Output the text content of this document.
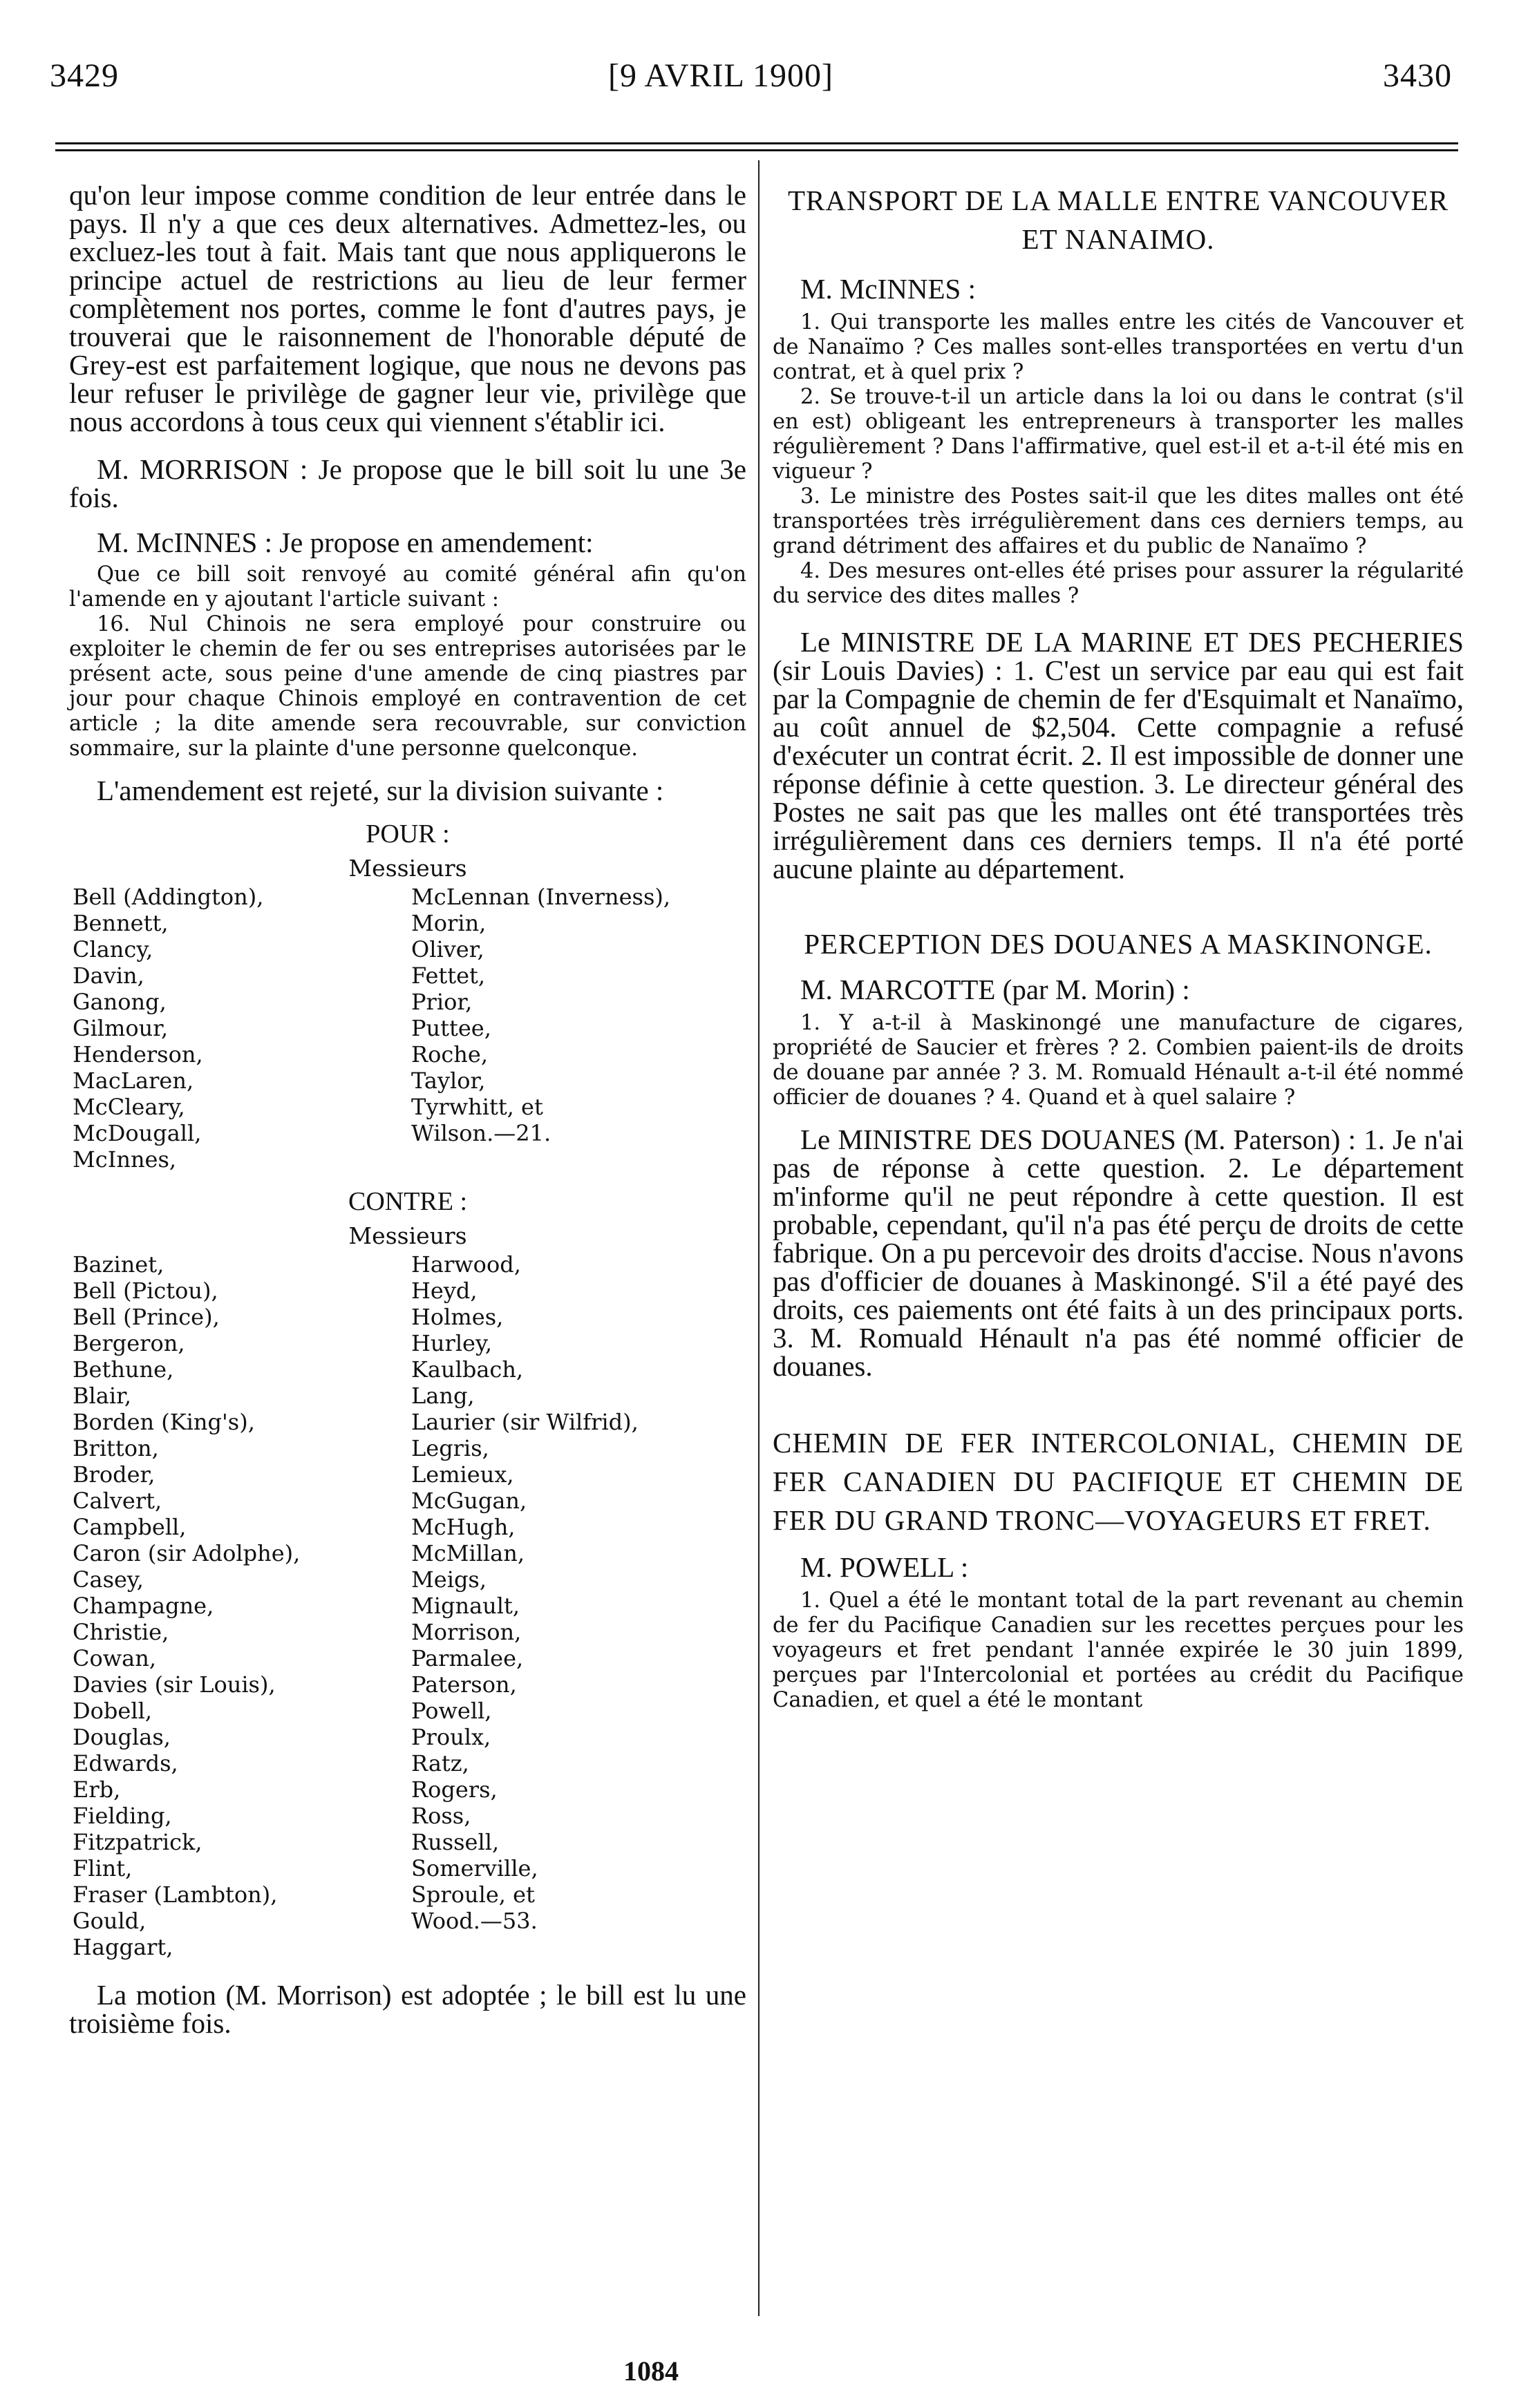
3429	[9 AVRIL 1900]	3430

qu'on leur impose comme condition de leur entrée dans le pays. Il n'y a que ces deux alternatives. Admettez-les, ou excluez-les tout à fait. Mais tant que nous appliquerons le principe actuel de restrictions au lieu de leur fermer complètement nos portes, comme le font d'autres pays, je trouverai que le raisonnement de l'honorable député de Grey-est est parfaitement logique, que nous ne devons pas leur refuser le privilège de gagner leur vie, privilège que nous accordons à tous ceux qui viennent s'établir ici.

M. MORRISON : Je propose que le bill soit lu une 3e fois.

M. McINNES : Je propose en amendement:

Que ce bill soit renvoyé au comité général afin qu'on l'amende en y ajoutant l'article suivant :

16. Nul Chinois ne sera employé pour construire ou exploiter le chemin de fer ou ses entreprises autorisées par le présent acte, sous peine d'une amende de cinq piastres par jour pour chaque Chinois employé en contravention de cet article ; la dite amende sera recouvrable, sur conviction sommaire, sur la plainte d'une personne quelconque.

L'amendement est rejeté, sur la division suivante :

POUR :
Messieurs
Bell (Addington),	McLennan (Inverness),
Bennett,	Morin,
Clancy,	Oliver,
Davin,	Fettet,
Ganong,	Prior,
Gilmour,	Puttee,
Henderson,	Roche,
MacLaren,	Taylor,
McCleary,	Tyrwhitt, et
McDougall,	Wilson.—21.
McInnes,
CONTRE :
Messieurs
Bazinet,	Harwood,
Bell (Pictou),	Heyd,
Bell (Prince),	Holmes,
Bergeron,	Hurley,
Bethune,	Kaulbach,
Blair,	Lang,
Borden (King's),	Laurier (sir Wilfrid),
Britton,	Legris,
Broder,	Lemieux,
Calvert,	McGugan,
Campbell,	McHugh,
Caron (sir Adolphe),	McMillan,
Casey,	Meigs,
Champagne,	Mignault,
Christie,	Morrison,
Cowan,	Parmalee,
Davies (sir Louis),	Paterson,
Dobell,	Powell,
Douglas,	Proulx,
Edwards,	Ratz,
Erb,	Rogers,
Fielding,	Ross,
Fitzpatrick,	Russell,
Flint,	Somerville,
Fraser (Lambton),	Sproule, et
Gould,	Wood.—53.
Haggart,

La motion (M. Morrison) est adoptée ; le bill est lu une troisième fois.

TRANSPORT DE LA MALLE ENTRE VANCOUVER ET NANAIMO.

M. McINNES :

1. Qui transporte les malles entre les cités de Vancouver et de Nanaïmo ? Ces malles sont-elles transportées en vertu d'un contrat, et à quel prix ?

2. Se trouve-t-il un article dans la loi ou dans le contrat (s'il en est) obligeant les entrepreneurs à transporter les malles régulièrement ? Dans l'affirmative, quel est-il et a-t-il été mis en vigueur ?

3. Le ministre des Postes sait-il que les dites malles ont été transportées très irrégulièrement dans ces derniers temps, au grand détriment des affaires et du public de Nanaïmo ?

4. Des mesures ont-elles été prises pour assurer la régularité du service des dites malles ?

Le MINISTRE DE LA MARINE ET DES PECHERIES (sir Louis Davies) : 1. C'est un service par eau qui est fait par la Compagnie de chemin de fer d'Esquimalt et Nanaïmo, au coût annuel de $2,504. Cette compagnie a refusé d'exécuter un contrat écrit. 2. Il est impossible de donner une réponse définie à cette question. 3. Le directeur général des Postes ne sait pas que les malles ont été transportées très irrégulièrement dans ces derniers temps. Il n'a été porté aucune plainte au département.

PERCEPTION DES DOUANES A MASKINONGE.

M. MARCOTTE (par M. Morin) :

1. Y a-t-il à Maskinongé une manufacture de cigares, propriété de Saucier et frères ? 2. Combien paient-ils de droits de douane par année ? 3. M. Romuald Hénault a-t-il été nommé officier de douanes ? 4. Quand et à quel salaire ?

Le MINISTRE DES DOUANES (M. Paterson) : 1. Je n'ai pas de réponse à cette question. 2. Le département m'informe qu'il ne peut répondre à cette question. Il est probable, cependant, qu'il n'a pas été perçu de droits de cette fabrique. On a pu percevoir des droits d'accise. Nous n'avons pas d'officier de douanes à Maskinongé. S'il a été payé des droits, ces paiements ont été faits à un des principaux ports. 3. M. Romuald Hénault n'a pas été nommé officier de douanes.

CHEMIN DE FER INTERCOLONIAL, CHEMIN DE FER CANADIEN DU PACIFIQUE ET CHEMIN DE FER DU GRAND TRONC—VOYAGEURS ET FRET.

M. POWELL :

1. Quel a été le montant total de la part revenant au chemin de fer du Pacifique Canadien sur les recettes perçues pour les voyageurs et fret pendant l'année expirée le 30 juin 1899, perçues par l'Intercolonial et portées au crédit du Pacifique Canadien, et quel a été le montant

1084
